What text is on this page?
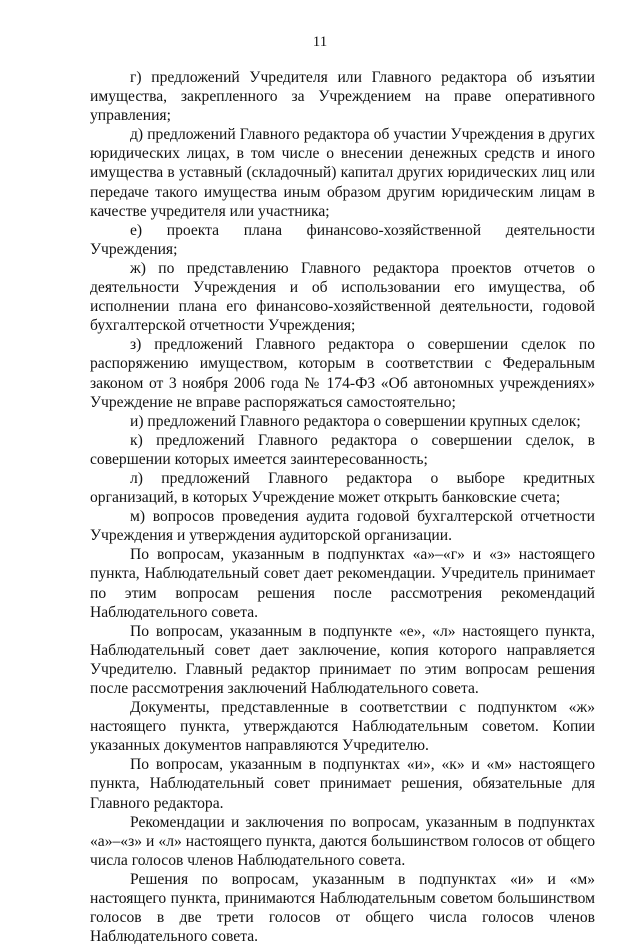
11

г) предложений Учредителя или Главного редактора об изъятии имущества, закрепленного за Учреждением на праве оперативного управления;

д) предложений Главного редактора об участии Учреждения в других юридических лицах, в том числе о внесении денежных средств и иного имущества в уставный (складочный) капитал других юридических лиц или передаче такого имущества иным образом другим юридическим лицам в качестве учредителя или участника;

е) проекта плана финансово-хозяйственной деятельности Учреждения;

ж) по представлению Главного редактора проектов отчетов о деятельности Учреждения и об использовании его имущества, об исполнении плана его финансово-хозяйственной деятельности, годовой бухгалтерской отчетности Учреждения;

з) предложений Главного редактора о совершении сделок по распоряжению имуществом, которым в соответствии с Федеральным законом от 3 ноября 2006 года № 174-ФЗ «Об автономных учреждениях» Учреждение не вправе распоряжаться самостоятельно;

и) предложений Главного редактора о совершении крупных сделок;

к) предложений Главного редактора о совершении сделок, в совершении которых имеется заинтересованность;

л) предложений Главного редактора о выборе кредитных организаций, в которых Учреждение может открыть банковские счета;

м) вопросов проведения аудита годовой бухгалтерской отчетности Учреждения и утверждения аудиторской организации.

По вопросам, указанным в подпунктах «а»–«г» и «з» настоящего пункта, Наблюдательный совет дает рекомендации. Учредитель принимает по этим вопросам решения после рассмотрения рекомендаций Наблюдательного совета.

По вопросам, указанным в подпункте «е», «л» настоящего пункта, Наблюдательный совет дает заключение, копия которого направляется Учредителю. Главный редактор принимает по этим вопросам решения после рассмотрения заключений Наблюдательного совета.

Документы, представленные в соответствии с подпунктом «ж» настоящего пункта, утверждаются Наблюдательным советом. Копии указанных документов направляются Учредителю.

По вопросам, указанным в подпунктах «и», «к» и «м» настоящего пункта, Наблюдательный совет принимает решения, обязательные для Главного редактора.

Рекомендации и заключения по вопросам, указанным в подпунктах «а»–«з» и «л» настоящего пункта, даются большинством голосов от общего числа голосов членов Наблюдательного совета.

Решения по вопросам, указанным в подпунктах «и» и «м» настоящего пункта, принимаются Наблюдательным советом большинством голосов в две трети голосов от общего числа голосов членов Наблюдательного совета.
